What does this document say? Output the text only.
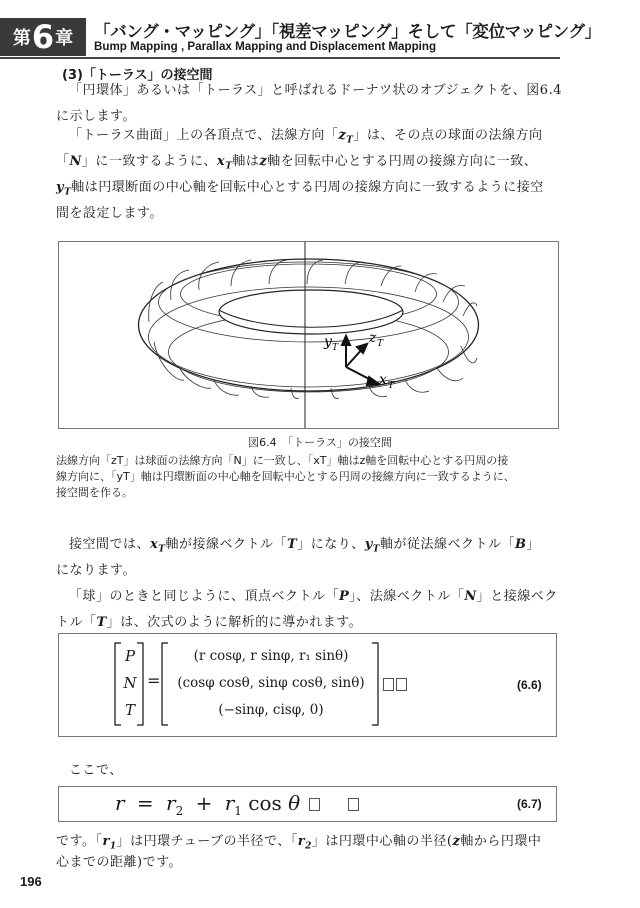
第 6 章 「バング・マッピング」「視差マッピング」そして「変位マッピング」
Bump Mapping , Parallax Mapping and Displacement Mapping
(3)「トーラス」の接空間
「円環体」あるいは「トーラス」と呼ばれるドーナツ状のオブジェクトを、図6.4
に示します。
「トーラス曲面」上の各頂点で、法線方向「$z_T$」は、その点の球面の法線方向
「N」に一致するように、$x_T$軸はz軸を回転中心とする円周の接線方向に一致、
$y_T$軸は円環断面の中心軸を回転中心とする円周の接線方向に一致するように接空
間を設定します。
y T
z T
x T
図6.4　「トーラス」の接空間
法線方向「zT」は球面の法線方向「N」に一致し、「xT」軸はz軸を回転中心とする円周の接
線方向に、「yT」軸は円環断面の中心軸を回転中心とする円周の接線方向に一致するように、
接空間を作る。
接空間では、$x_T$軸が接線ベクトル「T」になり、$y_T$軸が従法線ベクトル「B」
になります。
「球」のときと同じように、頂点ベクトル「P」、法線ベクトル「N」と接線ベク
トル「T」は、次式のように解析的に導かれます。
P
N
T
=
(r cosφ, r sinφ, r₁ sinθ)
(cosφ cosθ, sinφ cosθ, sinθ)
(−sinφ, cisφ, 0)
(6.6)
ここで、
$r = r_2 + r_1$ cos θ	(6.7)
です。「$r_1$」は円環チューブの半径で、「$r_2$」は円環中心軸の半径(z軸から円環中
心までの距離)です。
196
